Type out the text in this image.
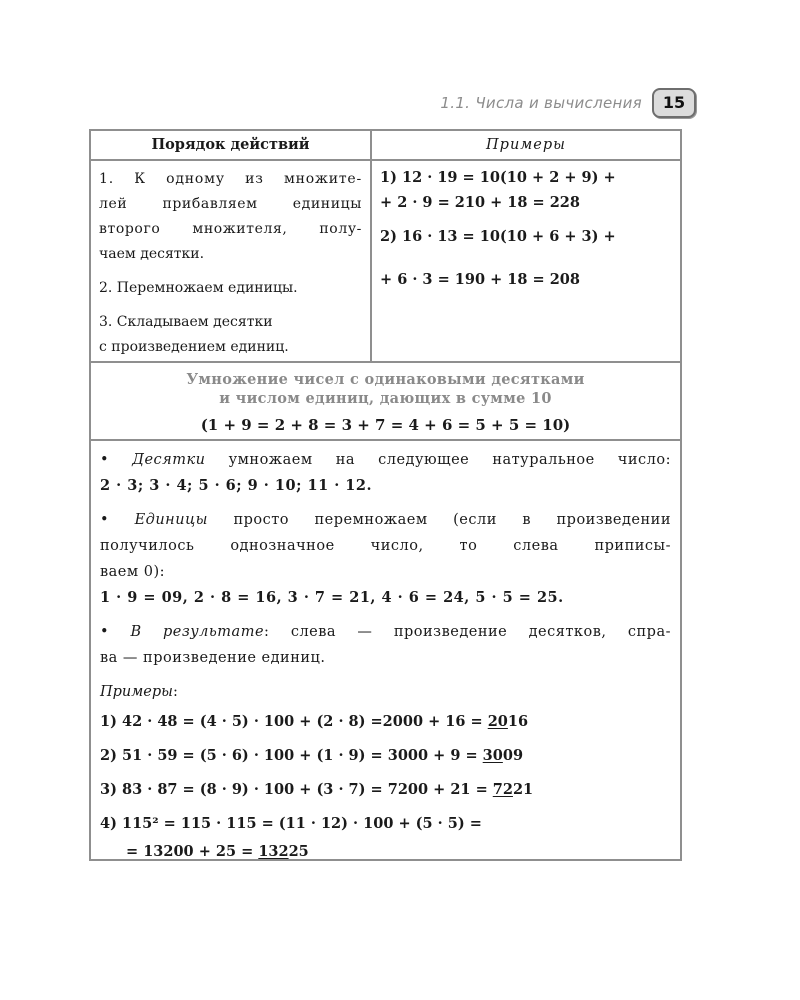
1.1. Числа и вычисления	15
Порядок действий	Примеры

1. К одному из множите-
лей прибавляем единицы
второго множителя, полу-
чаем десятки.

2. Перемножаем единицы.

3. Складываем десятки
с произведением единиц.

1) 12 · 19 = 10(10 + 2 + 9) +
+ 2 · 9 = 210 + 18 = 228

2) 16 · 13 = 10(10 + 6 + 3) +
+ 6 · 3 = 190 + 18 = 208

Умножение чисел с одинаковыми десятками
и числом единиц, дающих в сумме 10
(1 + 9 = 2 + 8 = 3 + 7 = 4 + 6 = 5 + 5 = 10)

• Десятки умножаем на следующее натуральное число:
2 · 3; 3 · 4; 5 · 6; 9 · 10; 11 · 12.

• Единицы просто перемножаем (если в произведении
получилось однозначное число, то слева приписы-
ваем 0):
1 · 9 = 09, 2 · 8 = 16, 3 · 7 = 21, 4 · 6 = 24, 5 · 5 = 25.

• В результате: слева — произведение десятков, спра-
ва — произведение единиц.

Примеры:

1) 42 · 48 = (4 · 5) · 100 + (2 · 8) =2000 + 16 = 2016
2) 51 · 59 = (5 · 6) · 100 + (1 · 9) = 3000 + 9 = 3009
3) 83 · 87 = (8 · 9) · 100 + (3 · 7) = 7200 + 21 = 7221
4) 115² = 115 · 115 = (11 · 12) · 100 + (5 · 5) =
= 13200 + 25 = 13225
